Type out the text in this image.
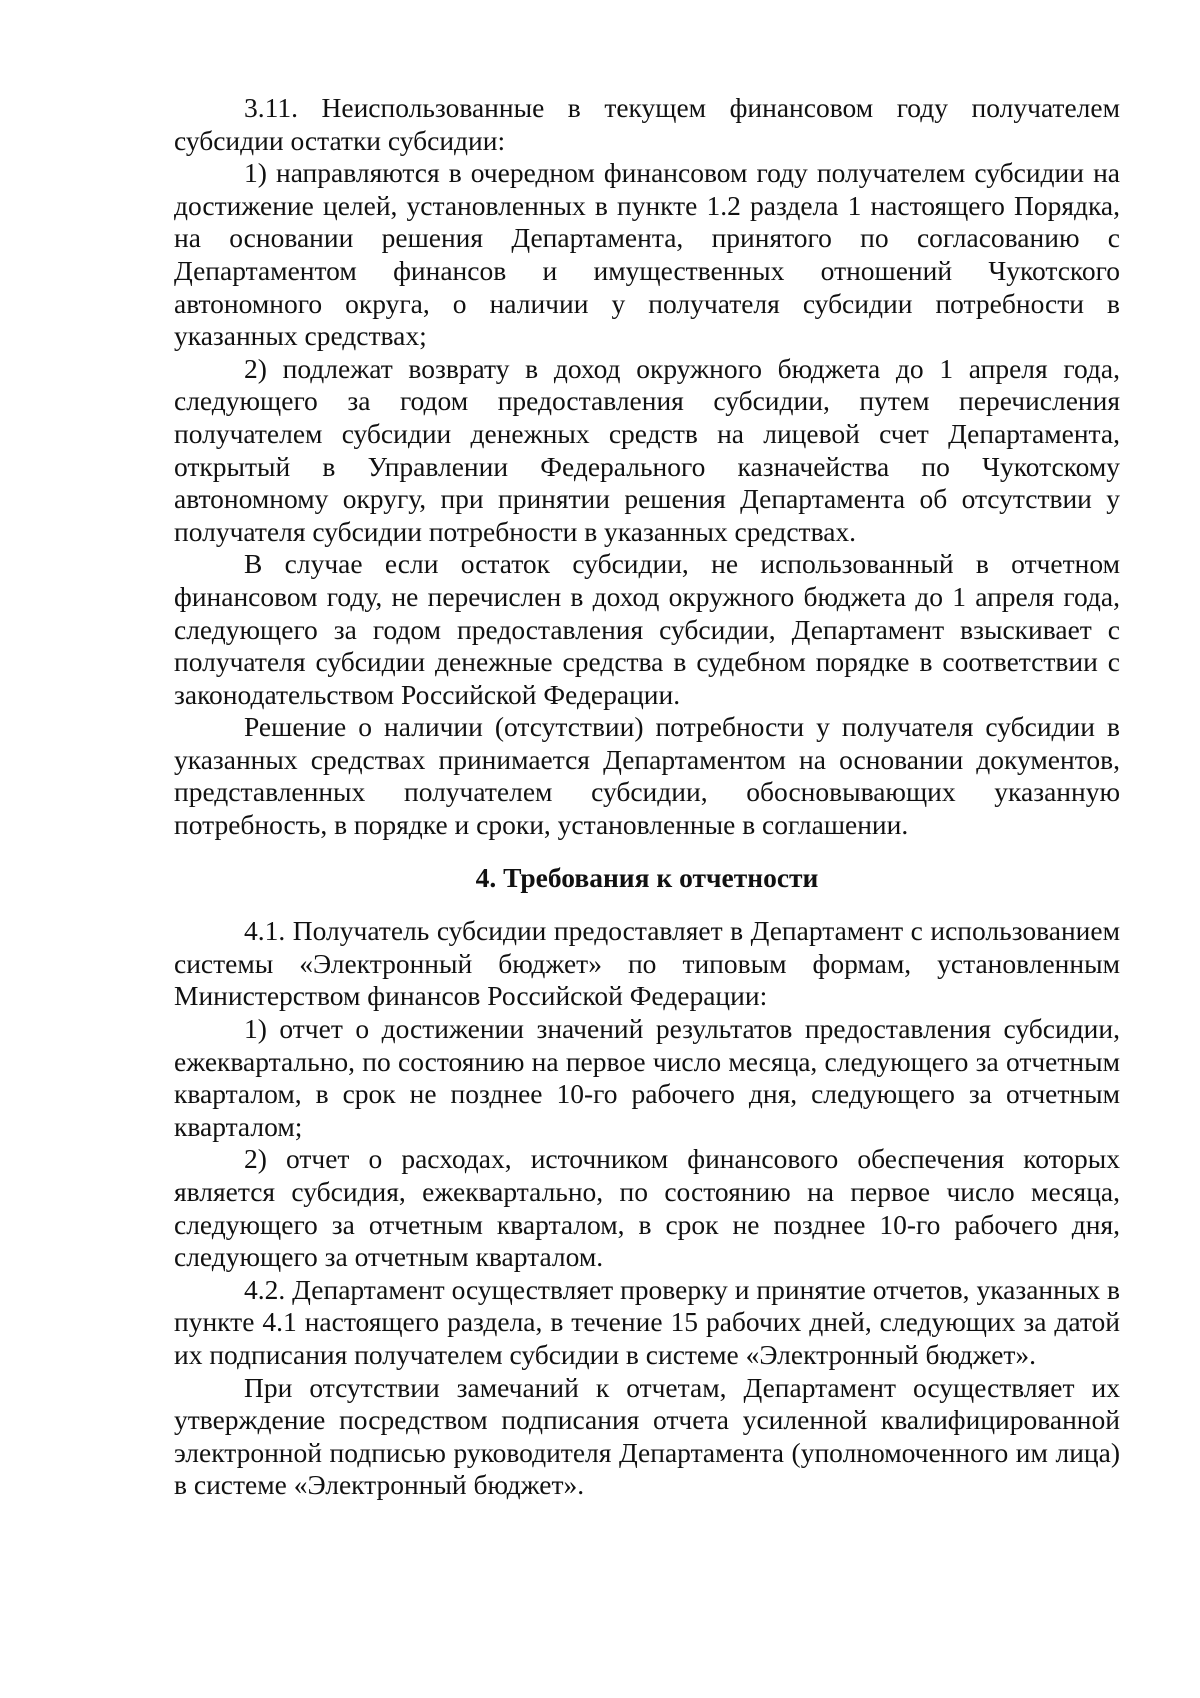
3.11. Неиспользованные в текущем финансовом году получателем субсидии остатки субсидии:

1) направляются в очередном финансовом году получателем субсидии на достижение целей, установленных в пункте 1.2 раздела 1 настоящего Порядка, на основании решения Департамента, принятого по согласованию с Департаментом финансов и имущественных отношений Чукотского автономного округа, о наличии у получателя субсидии потребности в указанных средствах;

2) подлежат возврату в доход окружного бюджета до 1 апреля года, следующего за годом предоставления субсидии, путем перечисления получателем субсидии денежных средств на лицевой счет Департамента, открытый в Управлении Федерального казначейства по Чукотскому автономному округу, при принятии решения Департамента об отсутствии у получателя субсидии потребности в указанных средствах.

В случае если остаток субсидии, не использованный в отчетном финансовом году, не перечислен в доход окружного бюджета до 1 апреля года, следующего за годом предоставления субсидии, Департамент взыскивает с получателя субсидии денежные средства в судебном порядке в соответствии с законодательством Российской Федерации.

Решение о наличии (отсутствии) потребности у получателя субсидии в указанных средствах принимается Департаментом на основании документов, представленных получателем субсидии, обосновывающих указанную потребность, в порядке и сроки, установленные в соглашении.

4. Требования к отчетности

4.1. Получатель субсидии предоставляет в Департамент с использованием системы «Электронный бюджет» по типовым формам, установленным Министерством финансов Российской Федерации:

1) отчет о достижении значений результатов предоставления субсидии, ежеквартально, по состоянию на первое число месяца, следующего за отчетным кварталом, в срок не позднее 10-го рабочего дня, следующего за отчетным кварталом;

2) отчет о расходах, источником финансового обеспечения которых является субсидия, ежеквартально, по состоянию на первое число месяца, следующего за отчетным кварталом, в срок не позднее 10-го рабочего дня, следующего за отчетным кварталом.

4.2. Департамент осуществляет проверку и принятие отчетов, указанных в пункте 4.1 настоящего раздела, в течение 15 рабочих дней, следующих за датой их подписания получателем субсидии в системе «Электронный бюджет».

При отсутствии замечаний к отчетам, Департамент осуществляет их утверждение посредством подписания отчета усиленной квалифицированной электронной подписью руководителя Департамента (уполномоченного им лица) в системе «Электронный бюджет».
